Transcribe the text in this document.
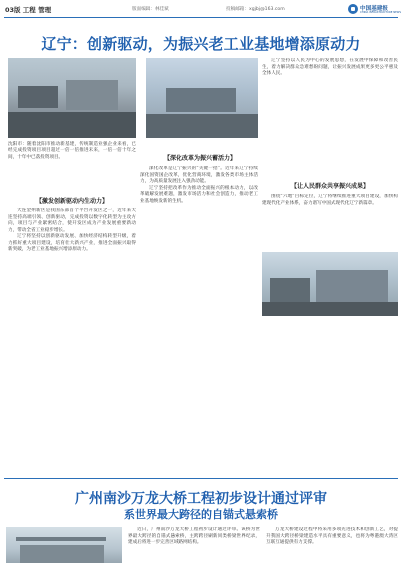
03版 工程 管理	版面编辑：林佳斌	投稿邮箱：xgjbj@163.com	中国基建报
CHINA INFRASTRUCTURE NEWS
辽宁：创新驱动，为振兴老工业基地增添原动力
沈阳市：随着沈阳市推动新基建，传统制造业强企业来看，已经完成投资项目项目超过一倍一倍推进未来，一倍一倍十年之间，十年中已落投资项目。
【激发创新驱动内生动力】

大连金州新区是我国东部首个平台开发区之一，近年来大连坚持高端引领、创新驱动，完成投资以数字化转型为主攻方向，项目与产业紧密结合，使开发区成为产业发展重要新动力，带动全省工业稳步增长。

辽宁将坚持以创新驱动发展、加快经济结构转型升级，着力抓好重大项目建设，培育壮大新兴产业，推进全面振兴取得新突破，为老工业基地振兴增添原动力。

【深化改革为振兴蓄活力】

深化改革是辽宁振兴的“关键一招”。近年来辽宁持续深化国资国企改革，优化营商环境，激发各类市场主体活力，为高质量发展注入强劲动能。

辽宁坚持把改革作为推动全面振兴的根本动力，以改革破解发展难题，激发市场活力和社会创造力，推动老工业基地焕发新的生机。

辽宁坚持以人民为中心的发展思想，在发展中保障和改善民生，着力解决群众急难愁盼问题，让振兴发展成果更多更公平惠及全体人民。

【让人民群众共享振兴成果】

围绕“六地”目标定位，辽宁将继续推进重大项目建设，加快构建现代化产业体系，奋力谱写中国式现代化辽宁新篇章。

广州南沙万龙大桥工程初步设计通过评审
系世界最大跨径的自锚式悬索桥

近日，广州南沙万龙大桥工程初步设计通过评审。该桥为世界最大跨径的自锚式悬索桥，主跨跨径刷新同类桥梁世界纪录，建成后将进一步完善区域路网结构。

万龙大桥建设过程中将采用多项先进技术和创新工艺，对提升我国大跨径桥梁建造水平具有重要意义，也将为粤港澳大湾区互联互通提供有力支撑。
